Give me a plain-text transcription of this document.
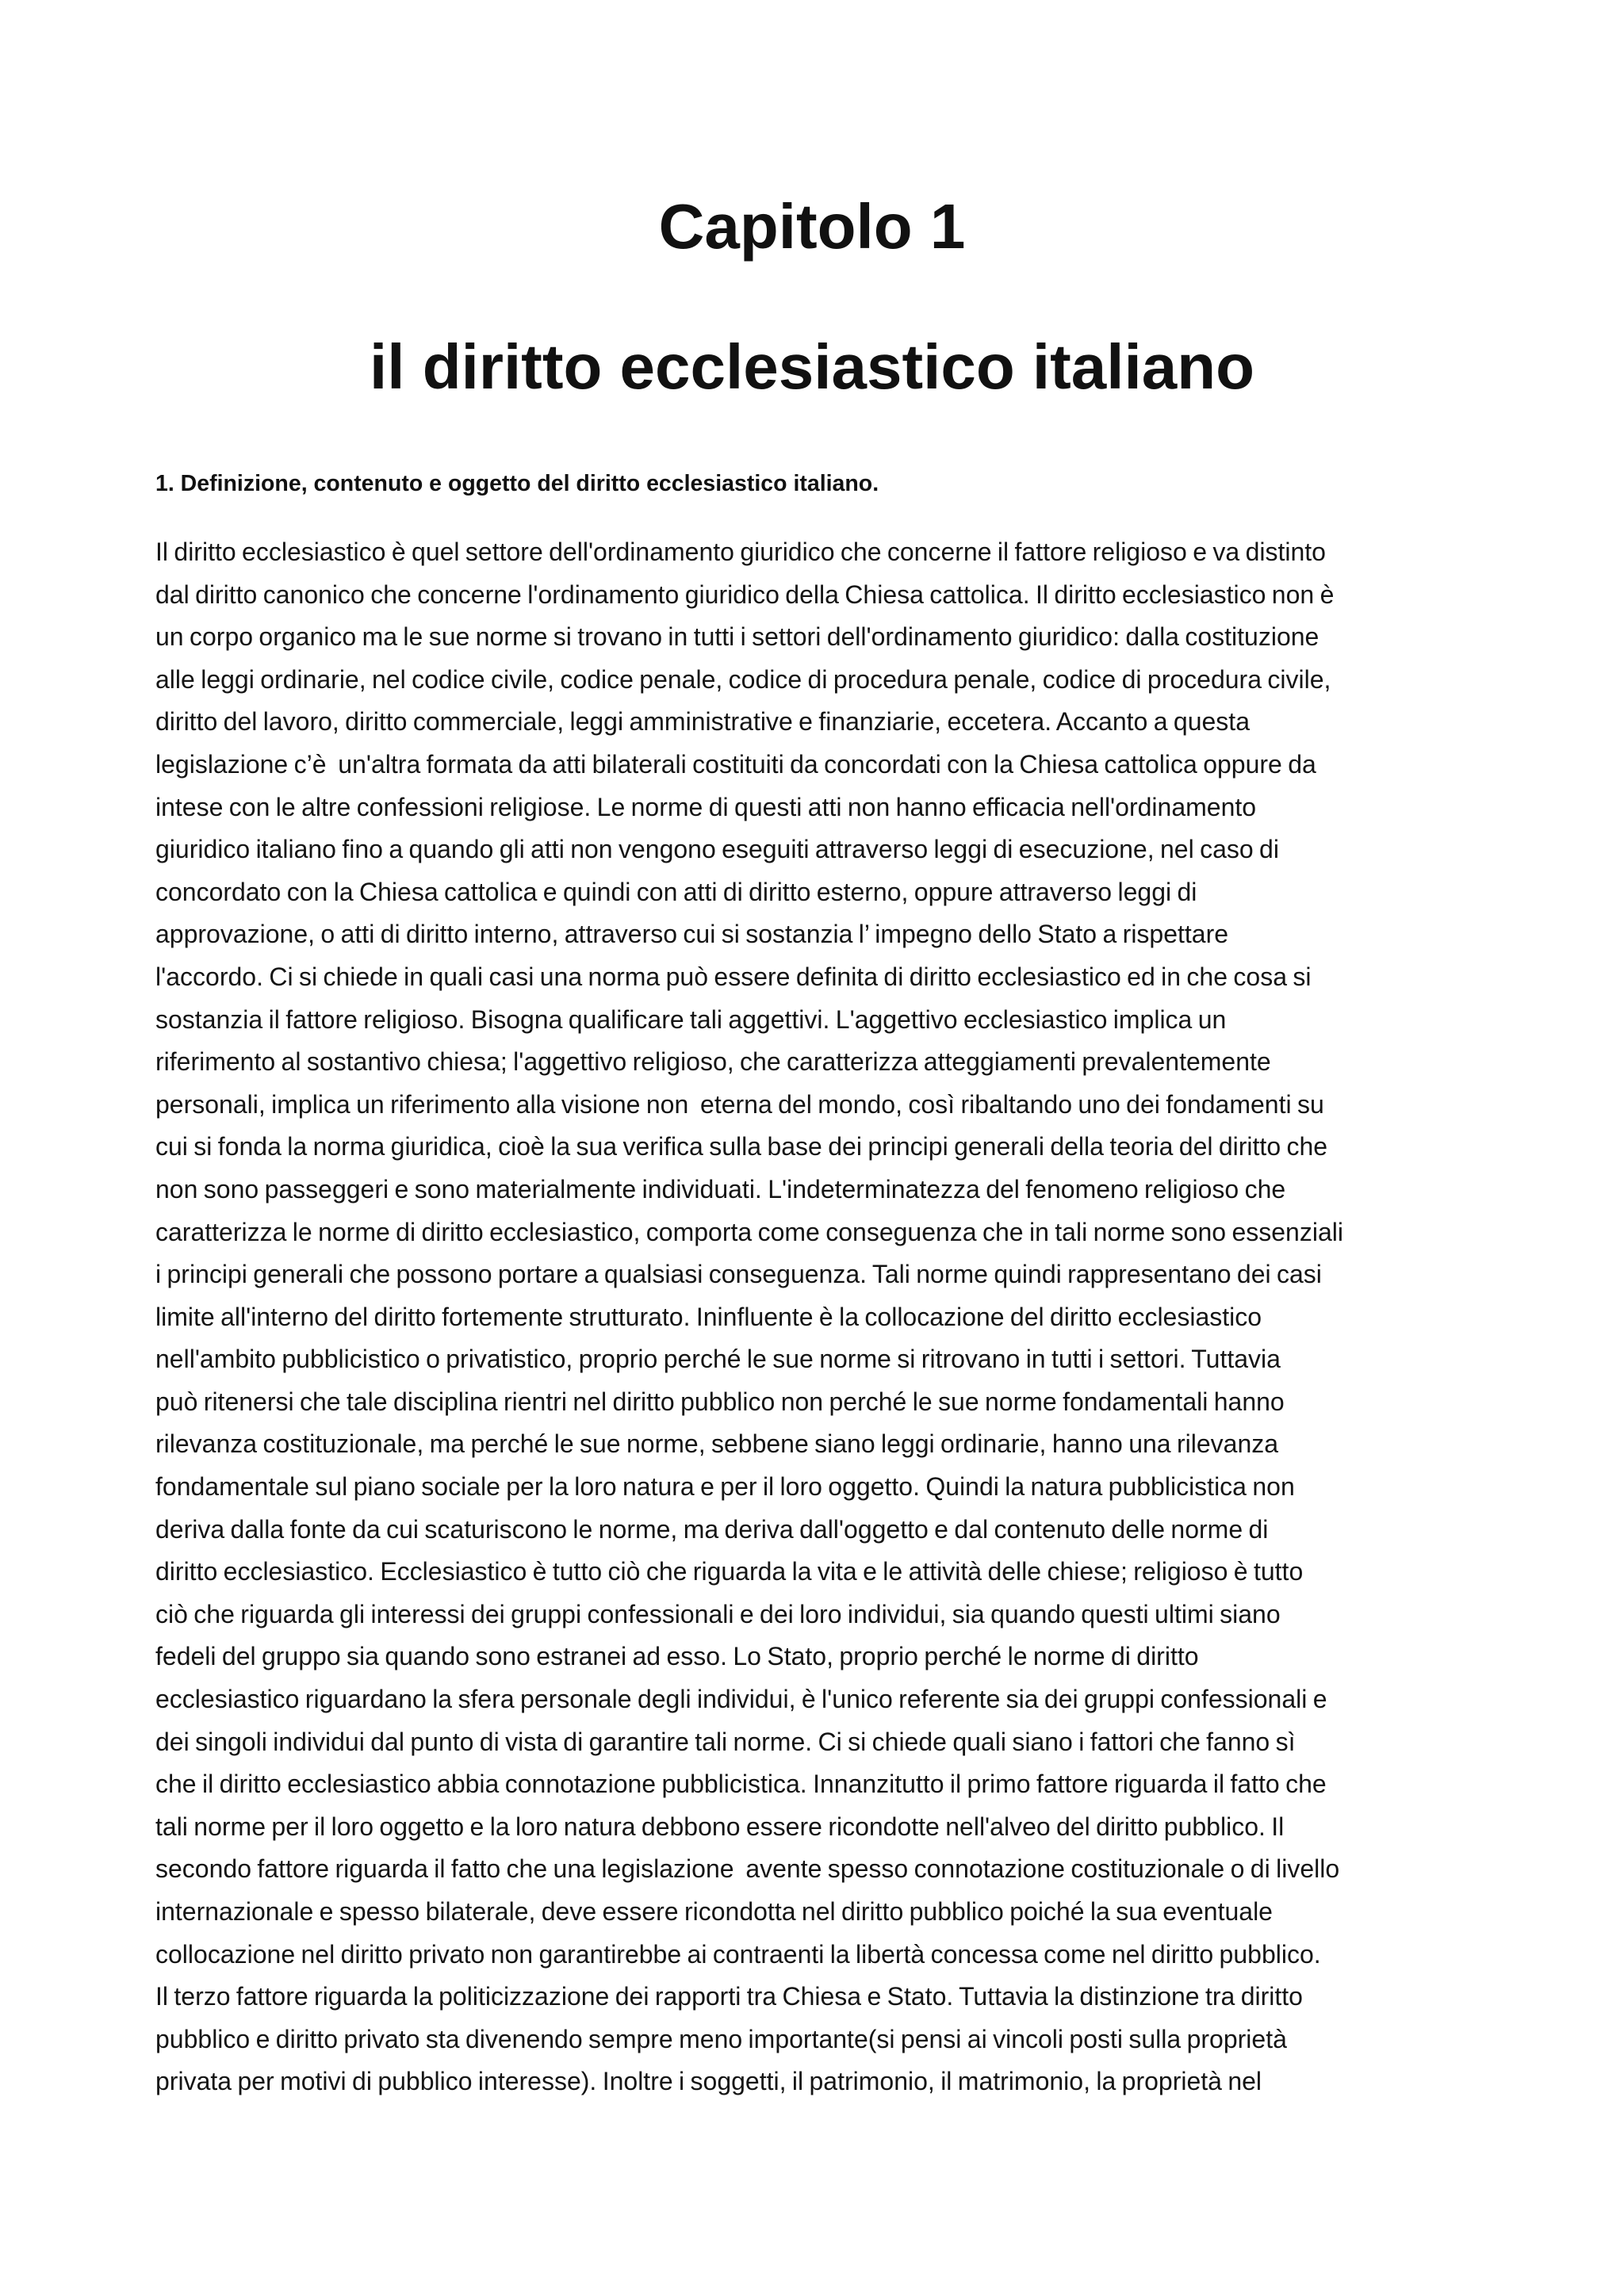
Capitolo 1
il diritto ecclesiastico italiano
1. Definizione, contenuto e oggetto del diritto ecclesiastico italiano.
Il diritto ecclesiastico è quel settore dell'ordinamento giuridico che concerne il fattore religioso e va distinto
dal diritto canonico che concerne l'ordinamento giuridico della Chiesa cattolica. Il diritto ecclesiastico non è
un corpo organico ma le sue norme si trovano in tutti i settori dell'ordinamento giuridico: dalla costituzione
alle leggi ordinarie, nel codice civile, codice penale, codice di procedura penale, codice di procedura civile,
diritto del lavoro, diritto commerciale, leggi amministrative e finanziarie, eccetera. Accanto a questa
legislazione c’è  un'altra formata da atti bilaterali costituiti da concordati con la Chiesa cattolica oppure da
intese con le altre confessioni religiose. Le norme di questi atti non hanno efficacia nell'ordinamento
giuridico italiano fino a quando gli atti non vengono eseguiti attraverso leggi di esecuzione, nel caso di
concordato con la Chiesa cattolica e quindi con atti di diritto esterno, oppure attraverso leggi di
approvazione, o atti di diritto interno, attraverso cui si sostanzia l’ impegno dello Stato a rispettare
l'accordo. Ci si chiede in quali casi una norma può essere definita di diritto ecclesiastico ed in che cosa si
sostanzia il fattore religioso. Bisogna qualificare tali aggettivi. L'aggettivo ecclesiastico implica un
riferimento al sostantivo chiesa; l'aggettivo religioso, che caratterizza atteggiamenti prevalentemente
personali, implica un riferimento alla visione non  eterna del mondo, così ribaltando uno dei fondamenti su
cui si fonda la norma giuridica, cioè la sua verifica sulla base dei principi generali della teoria del diritto che
non sono passeggeri e sono materialmente individuati. L'indeterminatezza del fenomeno religioso che
caratterizza le norme di diritto ecclesiastico, comporta come conseguenza che in tali norme sono essenziali
i principi generali che possono portare a qualsiasi conseguenza. Tali norme quindi rappresentano dei casi
limite all'interno del diritto fortemente strutturato. Ininfluente è la collocazione del diritto ecclesiastico
nell'ambito pubblicistico o privatistico, proprio perché le sue norme si ritrovano in tutti i settori. Tuttavia
può ritenersi che tale disciplina rientri nel diritto pubblico non perché le sue norme fondamentali hanno
rilevanza costituzionale, ma perché le sue norme, sebbene siano leggi ordinarie, hanno una rilevanza
fondamentale sul piano sociale per la loro natura e per il loro oggetto. Quindi la natura pubblicistica non
deriva dalla fonte da cui scaturiscono le norme, ma deriva dall'oggetto e dal contenuto delle norme di
diritto ecclesiastico. Ecclesiastico è tutto ciò che riguarda la vita e le attività delle chiese; religioso è tutto
ciò che riguarda gli interessi dei gruppi confessionali e dei loro individui, sia quando questi ultimi siano
fedeli del gruppo sia quando sono estranei ad esso. Lo Stato, proprio perché le norme di diritto
ecclesiastico riguardano la sfera personale degli individui, è l'unico referente sia dei gruppi confessionali e
dei singoli individui dal punto di vista di garantire tali norme. Ci si chiede quali siano i fattori che fanno sì
che il diritto ecclesiastico abbia connotazione pubblicistica. Innanzitutto il primo fattore riguarda il fatto che
tali norme per il loro oggetto e la loro natura debbono essere ricondotte nell'alveo del diritto pubblico. Il
secondo fattore riguarda il fatto che una legislazione  avente spesso connotazione costituzionale o di livello
internazionale e spesso bilaterale, deve essere ricondotta nel diritto pubblico poiché la sua eventuale
collocazione nel diritto privato non garantirebbe ai contraenti la libertà concessa come nel diritto pubblico.
Il terzo fattore riguarda la politicizzazione dei rapporti tra Chiesa e Stato. Tuttavia la distinzione tra diritto
pubblico e diritto privato sta divenendo sempre meno importante(si pensi ai vincoli posti sulla proprietà
privata per motivi di pubblico interesse). Inoltre i soggetti, il patrimonio, il matrimonio, la proprietà nel
